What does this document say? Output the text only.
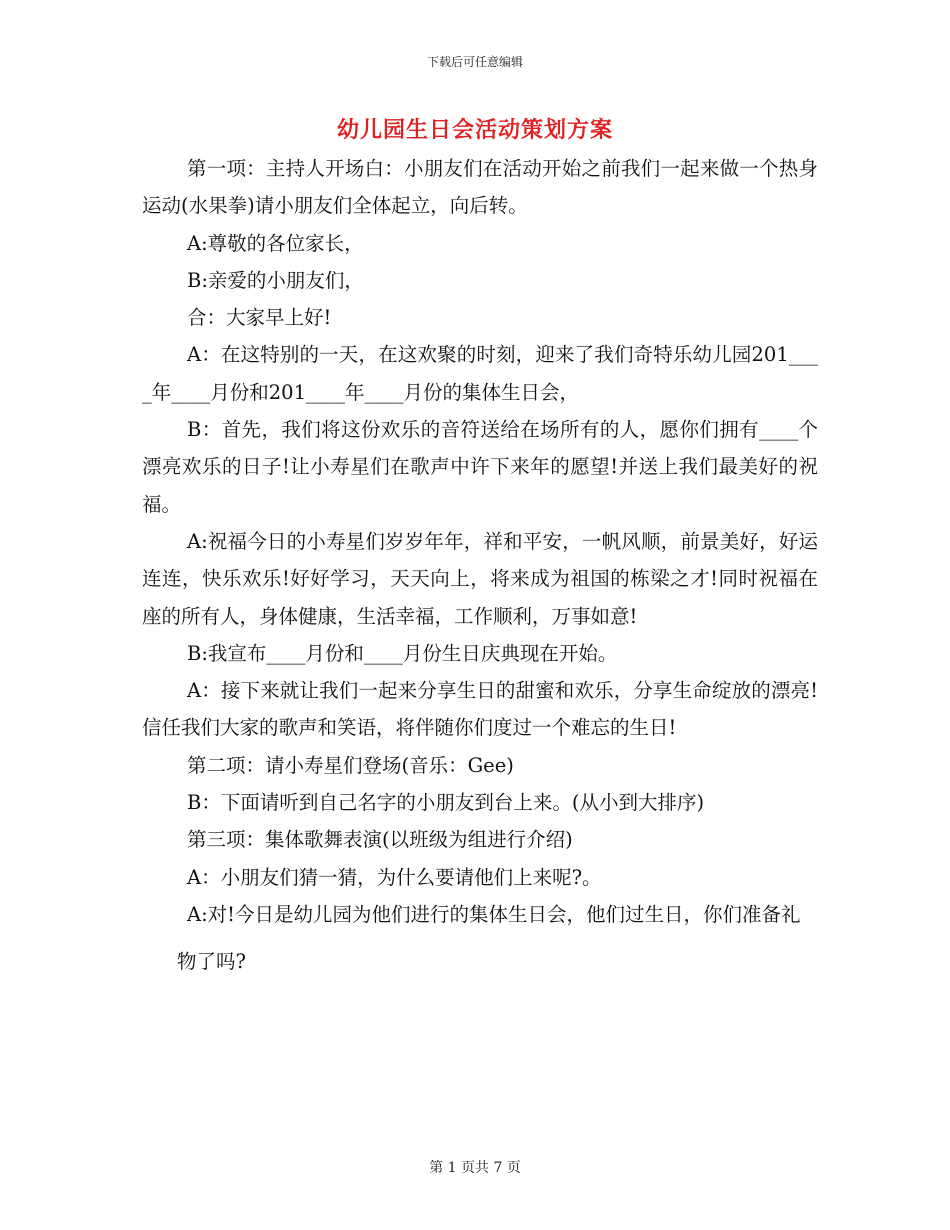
下载后可任意编辑
幼儿园生日会活动策划方案

第一项：主持人开场白：小朋友们在活动开始之前我们一起来做一个热身运动(水果拳)请小朋友们全体起立，向后转。

A:尊敬的各位家长，

B:亲爱的小朋友们，

合：大家早上好!

A：在这特别的一天，在这欢聚的时刻，迎来了我们奇特乐幼儿园201____年____月份和201____年____月份的集体生日会，

B：首先，我们将这份欢乐的音符送给在场所有的人，愿你们拥有____个漂亮欢乐的日子!让小寿星们在歌声中许下来年的愿望!并送上我们最美好的祝福。

A:祝福今日的小寿星们岁岁年年，祥和平安，一帆风顺，前景美好，好运连连，快乐欢乐!好好学习，天天向上，将来成为祖国的栋梁之才!同时祝福在座的所有人，身体健康，生活幸福，工作顺利，万事如意!

B:我宣布____月份和____月份生日庆典现在开始。

A：接下来就让我们一起来分享生日的甜蜜和欢乐，分享生命绽放的漂亮!信任我们大家的歌声和笑语，将伴随你们度过一个难忘的生日!

第二项：请小寿星们登场(音乐：Gee)

B：下面请听到自己名字的小朋友到台上来。(从小到大排序)

第三项：集体歌舞表演(以班级为组进行介绍)

A：小朋友们猜一猜，为什么要请他们上来呢?。

A:对!今日是幼儿园为他们进行的集体生日会，他们过生日，你们准备礼

物了吗?

第 1 页共 7 页
